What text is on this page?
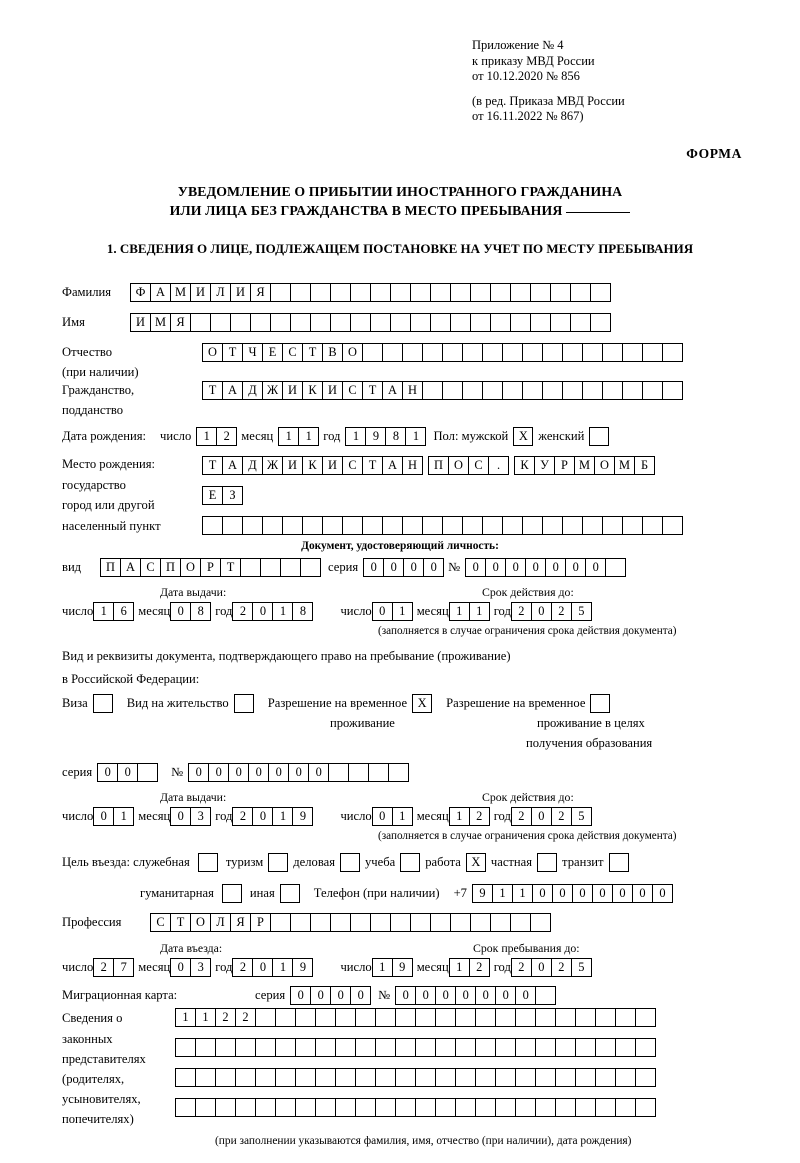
Приложение № 4
к приказу МВД России
от 10.12.2020 № 856
(в ред. Приказа МВД России
от 16.11.2022 № 867)
ФОРМА
УВЕДОМЛЕНИЕ О ПРИБЫТИИ ИНОСТРАННОГО ГРАЖДАНИНА
ИЛИ ЛИЦА БЕЗ ГРАЖДАНСТВА В МЕСТО ПРЕБЫВАНИЯ
1. СВЕДЕНИЯ О ЛИЦЕ, ПОДЛЕЖАЩЕМ ПОСТАНОВКЕ НА УЧЕТ ПО МЕСТУ ПРЕБЫВАНИЯ
Фамилия	Ф А М И Л И Я
Имя	И М Я
Отчество	О Т Ч Е С Т В О
(при наличии)
Гражданство,	Т А Д Ж И К И С Т А Н
подданство
Дата рождения: число 1	2 месяц 1	1 год 1	9	8	1	Пол: мужской X женский
Место рождения:
государство
город или другой
населенный пункт
Т А Д Ж И К И С Т А Н	П О С	.	К У Р М О М Б
Е	З
Документ, удостоверяющий личность:
вид	П А С П О Р	Т	серия 0	0	0	0 № 0	0	0	0	0	0	0
Дата выдачи:	Срок действия до:
число 1	6 месяц 0	8 год 2	0	1	8	число 0	1 месяц 1	1 год 2	0	2	5
(заполняется в случае ограничения срока действия документа)
Вид и реквизиты документа, подтверждающего право на пребывание (проживание)
в Российской Федерации:
Виза	Вид на жительство	Разрешение на временное X	Разрешение на временное
проживание	проживание в целях
получения образования
серия 0	0	№ 0	0	0	0	0	0	0
Дата выдачи:	Срок действия до:
число 0	1 месяц 0	3 год 2	0	1	9	число 0	1 месяц 1	2 год 2	0	2	5
(заполняется в случае ограничения срока действия документа)
Цель въезда: служебная	туризм деловая учеба работа X частная транзит
гуманитарная	иная	Телефон (при наличии) +7 9	1	1	0	0	0	0	0	0	0
Профессия	С Т О Л Я	Р
Дата въезда:	Срок пребывания до:
число 2	7 месяц 0	3 год 2	0	1	9	число 1	9 месяц 1	2 год 2	0	2	5
Миграционная карта:	серия 0	0	0	0	№ 0	0	0	0	0	0	0
Сведения о
законных
представителях
(родителях,
усыновителях,
попечителях)
1	1	2	2
(при заполнении указываются фамилия, имя, отчество (при наличии), дата рождения)
